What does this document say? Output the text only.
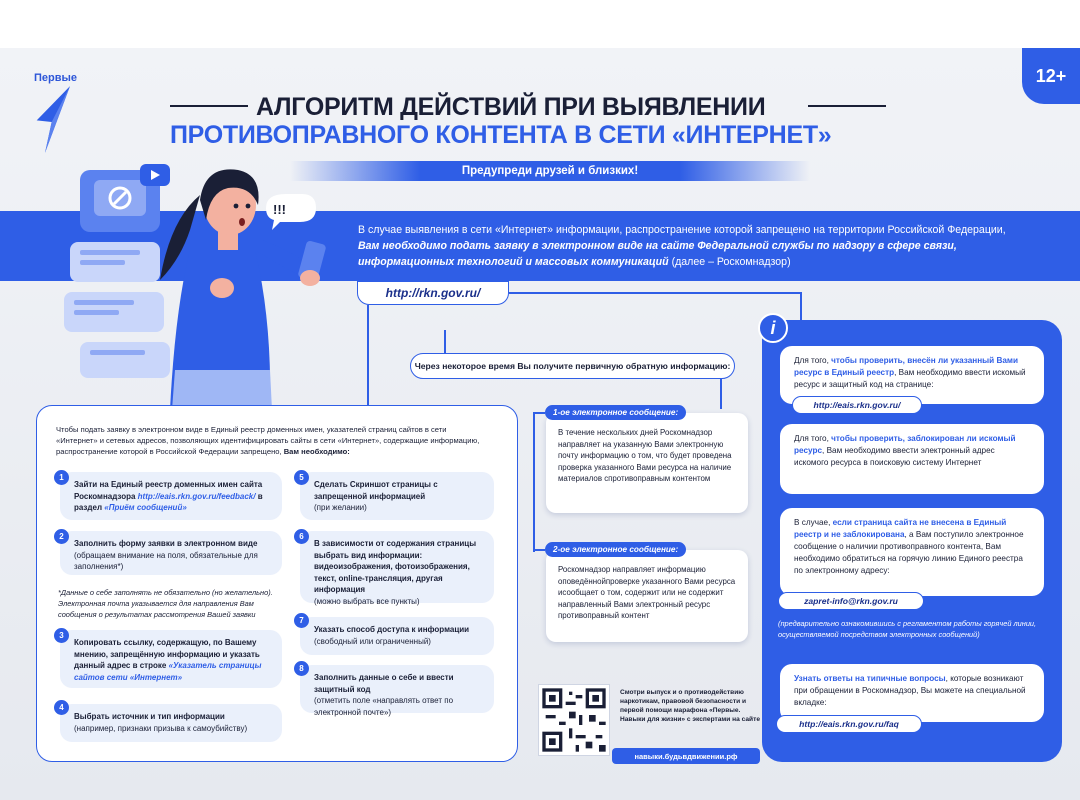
Первые	12+
АЛГОРИТМ ДЕЙСТВИЙ ПРИ ВЫЯВЛЕНИИ
ПРОТИВОПРАВНОГО КОНТЕНТА В СЕТИ «ИНТЕРНЕТ»
Предупреди друзей и близких!
В случае выявления в сети «Интернет» информации, распространение которой запрещено на территории Российской Федерации,
Вам необходимо подать заявку в электронном виде на сайте Федеральной службы по надзору в сфере связи,
информационных технологий и массовых коммуникаций (далее – Роскомнадзор)
!!!
http://rkn.gov.ru/
Через некоторое время Вы получите первичную обратную информацию:
Чтобы подать заявку в электронном виде в Единый реестр доменных имен, указателей страниц сайтов в сети «Интернет» и сетевых адресов, позволяющих идентифицировать сайты в сети «Интернет», содержащие информацию, распространение которой в Российской Федерации запрещено, Вам необходимо:
Зайти на Единый реестр доменных имен сайта Роскомнадзора http://eais.rkn.gov.ru/feedback/ в раздел «Приём сообщений»
1
Заполнить форму заявки в электронном виде
(обращаем внимание на поля, обязательные для заполнения*)
2
*Данные о себе заполнять не обязательно (но желательно). Электронная почта указывается для направления Вам сообщения о результатах рассмотрения Вашей заявки
Копировать ссылку, содержащую, по Вашему мнению, запрещённую информацию и указать данный адрес в строке «Указатель страницы сайтов сети «Интернет»
3
Выбрать источник и тип информации
(например, признаки призыва к самоубийству)
4
Сделать Скриншот страницы с запрещенной информацией
(при желании)
5
В зависимости от содержания страницы выбрать вид информации: видеоизображения, фотоизображения, текст, online-трансляция, другая информация
(можно выбрать все пункты)
6
Указать способ доступа к информации
(свободный или ограниченный)
7
Заполнить данные о себе и ввести защитный код
(отметить поле «направлять ответ по электронной почте»)
8
В течение нескольких дней Роскомнадзор направляет на указанную Вами электронную почту информацию о том, что будет проведена проверка указанного Вами ресурса на наличие материалов спротивоправным контентом
1-ое электронное сообщение:
Роскомнадзор направляет информацию оповедённойпроверке указанного Вами ресурса исообщает о том, содержит или не содержит направленный Вами электронный ресурс противоправный контент
2-ое электронное сообщение:
Смотри выпуск и о противодействию наркотикам, правовой безопасности и первой помощи марафона «Первые. Навыки для жизни» с экспертами на сайте
навыки.будьвдвижении.рф
i
Для того, чтобы проверить, внесён ли указанный Вами ресурс в Единый реестр, Вам необходимо ввести искомый ресурс и защитный код на странице:
http://eais.rkn.gov.ru/
Для того, чтобы проверить, заблокирован ли искомый ресурс, Вам необходимо ввести электронный адрес искомого ресурса в поисковую систему Интернет
В случае, если страница сайта не внесена в Единый реестр и не заблокирована, а Вам поступило электронное сообщение о наличии противоправного контента, Вам необходимо обратиться на горячую линию Единого реестра по электронному адресу:
zapret-info@rkn.gov.ru
(предварительно ознакомившись с регламентом работы горячей линии, осуществляемой посредством электронных сообщений)
Узнать ответы на типичные вопросы, которые возникают при обращении в Роскомнадзор, Вы можете на специальной вкладке:
http://eais.rkn.gov.ru/faq
